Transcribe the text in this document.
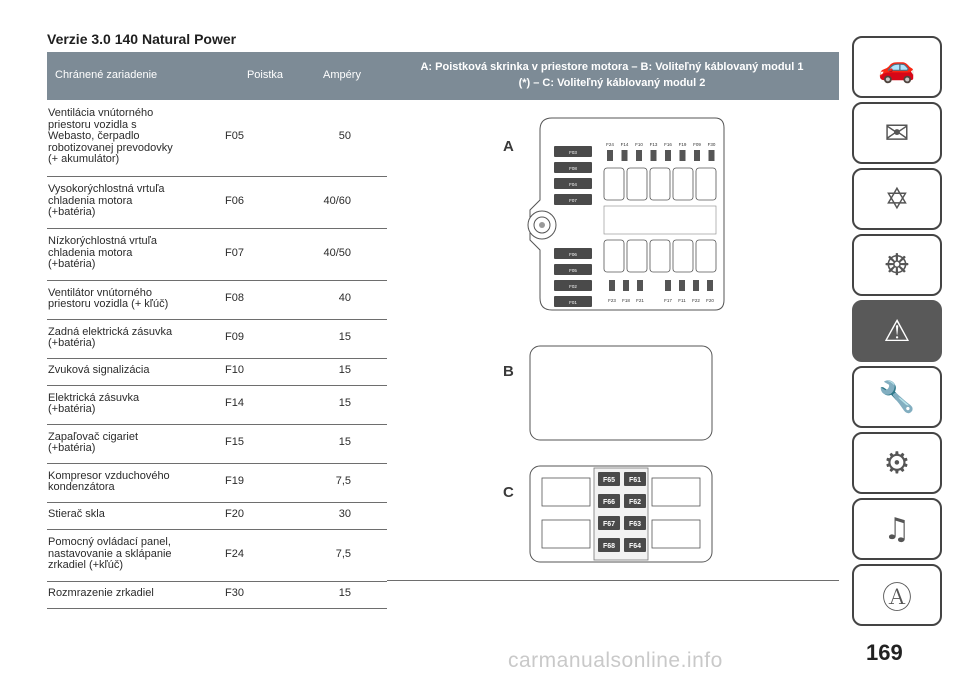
Verzie 3.0 140 Natural Power
Chránené zariadenie	Poistka	Ampéry
A: Poistková skrinka v priestore motora – B: Voliteľný káblovaný modul 1
(*) – C: Voliteľný káblovaný modul 2
Ventilácia vnútorného
priestoru vozidla s
Webasto, čerpadlo
robotizovanej prevodovky
(+ akumulátor)
F05	50
Vysokorýchlostná vrtuľa
chladenia motora
(+batéria)
F06	40/60
Nízkorýchlostná vrtuľa
chladenia motora
(+batéria)
F07	40/50
Ventilátor vnútorného
priestoru vozidla (+ kľúč)	F08	40
Zadná elektrická zásuvka
(+batéria)	F09	15
Zvuková signalizácia	F10	15
Elektrická zásuvka
(+batéria)	F14	15
Zapaľovač cigariet
(+batéria)	F15	15
Kompresor vzduchového
kondenzátora	F19	7,5
Stierač skla	F20	30
Pomocný ovládací panel,
nastavovanie a sklápanie
zrkadiel (+kľúč)
F24	7,5
Rozmrazenie zrkadiel	F30	15
A
B
C
F03
F08
F04
F07
F06
F05
F02
F01
F24 F14 F10 F13 F16 F19 F09 F30
F23 F18 F21	F17 F11 F22 F20
F65 F61
F66 F62
F67 F63
F68 F64
🚗
✉
✡
☸
⚠
🔧
⚙
♫
Ⓐ
169
carmanualsonline.info
